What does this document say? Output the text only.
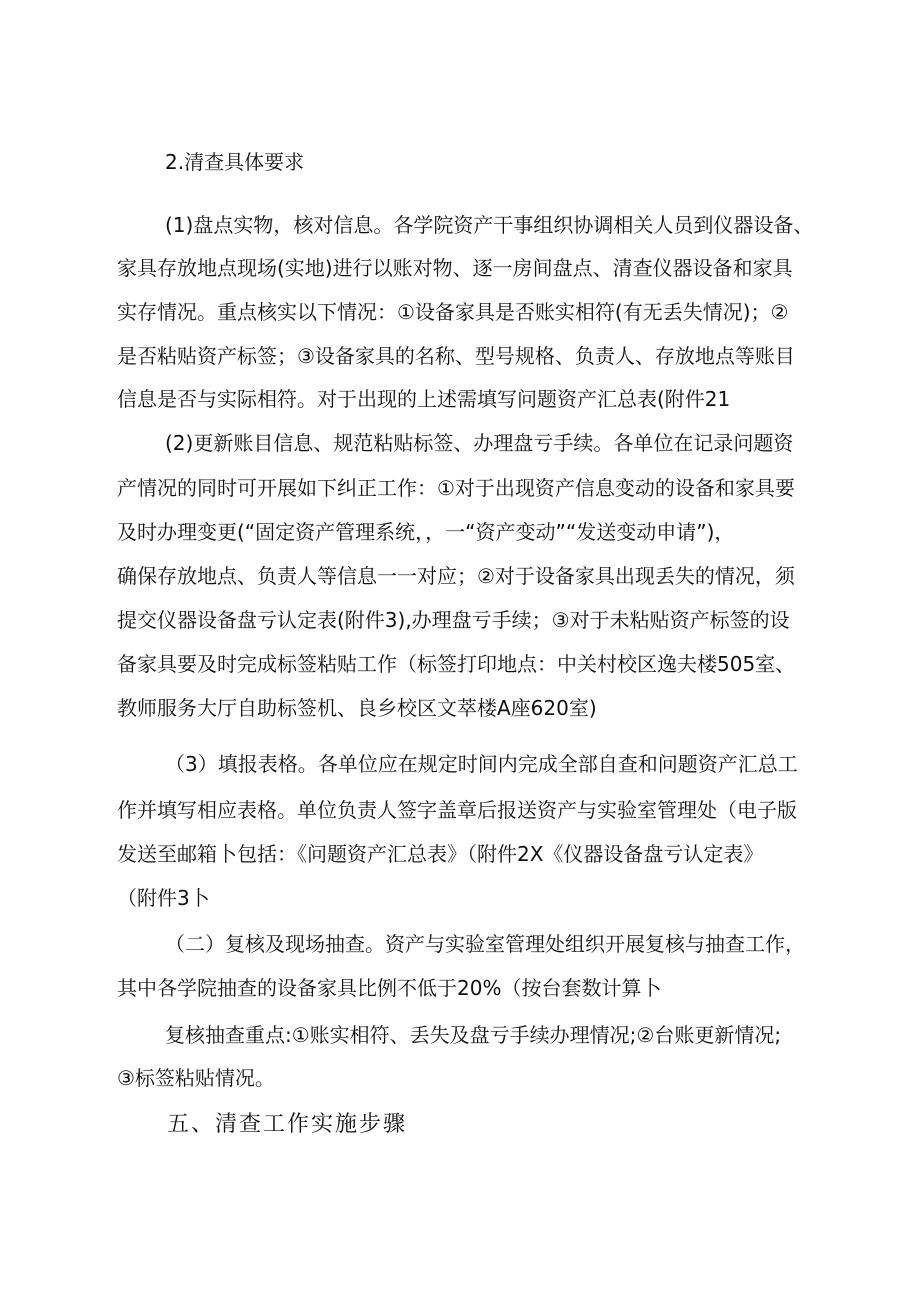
2.清查具体要求
(1)盘点实物，核对信息。各学院资产干事组织协调相关人员到仪器设备、
家具存放地点现场(实地)进行以账对物、逐一房间盘点、清查仪器设备和家具
实存情况。重点核实以下情况：①设备家具是否账实相符(有无丢失情况)；②
是否粘贴资产标签；③设备家具的名称、型号规格、负责人、存放地点等账目
信息是否与实际相符。对于出现的上述需填写问题资产汇总表(附件21
(2)更新账目信息、规范粘贴标签、办理盘亏手续。各单位在记录问题资
产情况的同时可开展如下纠正工作：①对于出现资产信息变动的设备和家具要
及时办理变更(“固定资产管理系统，，一“资产变动”“发送变动申请”)，
确保存放地点、负责人等信息一一对应；②对于设备家具出现丢失的情况，须
提交仪器设备盘亏认定表(附件3),办理盘亏手续；③对于未粘贴资产标签的设
备家具要及时完成标签粘贴工作（标签打印地点：中关村校区逸夫楼505室、
教师服务大厅自助标签机、良乡校区文萃楼A座620室)
（3）填报表格。各单位应在规定时间内完成全部自查和问题资产汇总工
作并填写相应表格。单位负责人签字盖章后报送资产与实验室管理处（电子版
发送至邮箱卜包括：《问题资产汇总表》（附件2X《仪器设备盘亏认定表》
（附件3卜
（二）复核及现场抽查。资产与实验室管理处组织开展复核与抽查工作，
其中各学院抽查的设备家具比例不低于20%（按台套数计算卜
复核抽查重点:①账实相符、丢失及盘亏手续办理情况;②台账更新情况;
③标签粘贴情况。
五、清查工作实施步骤
